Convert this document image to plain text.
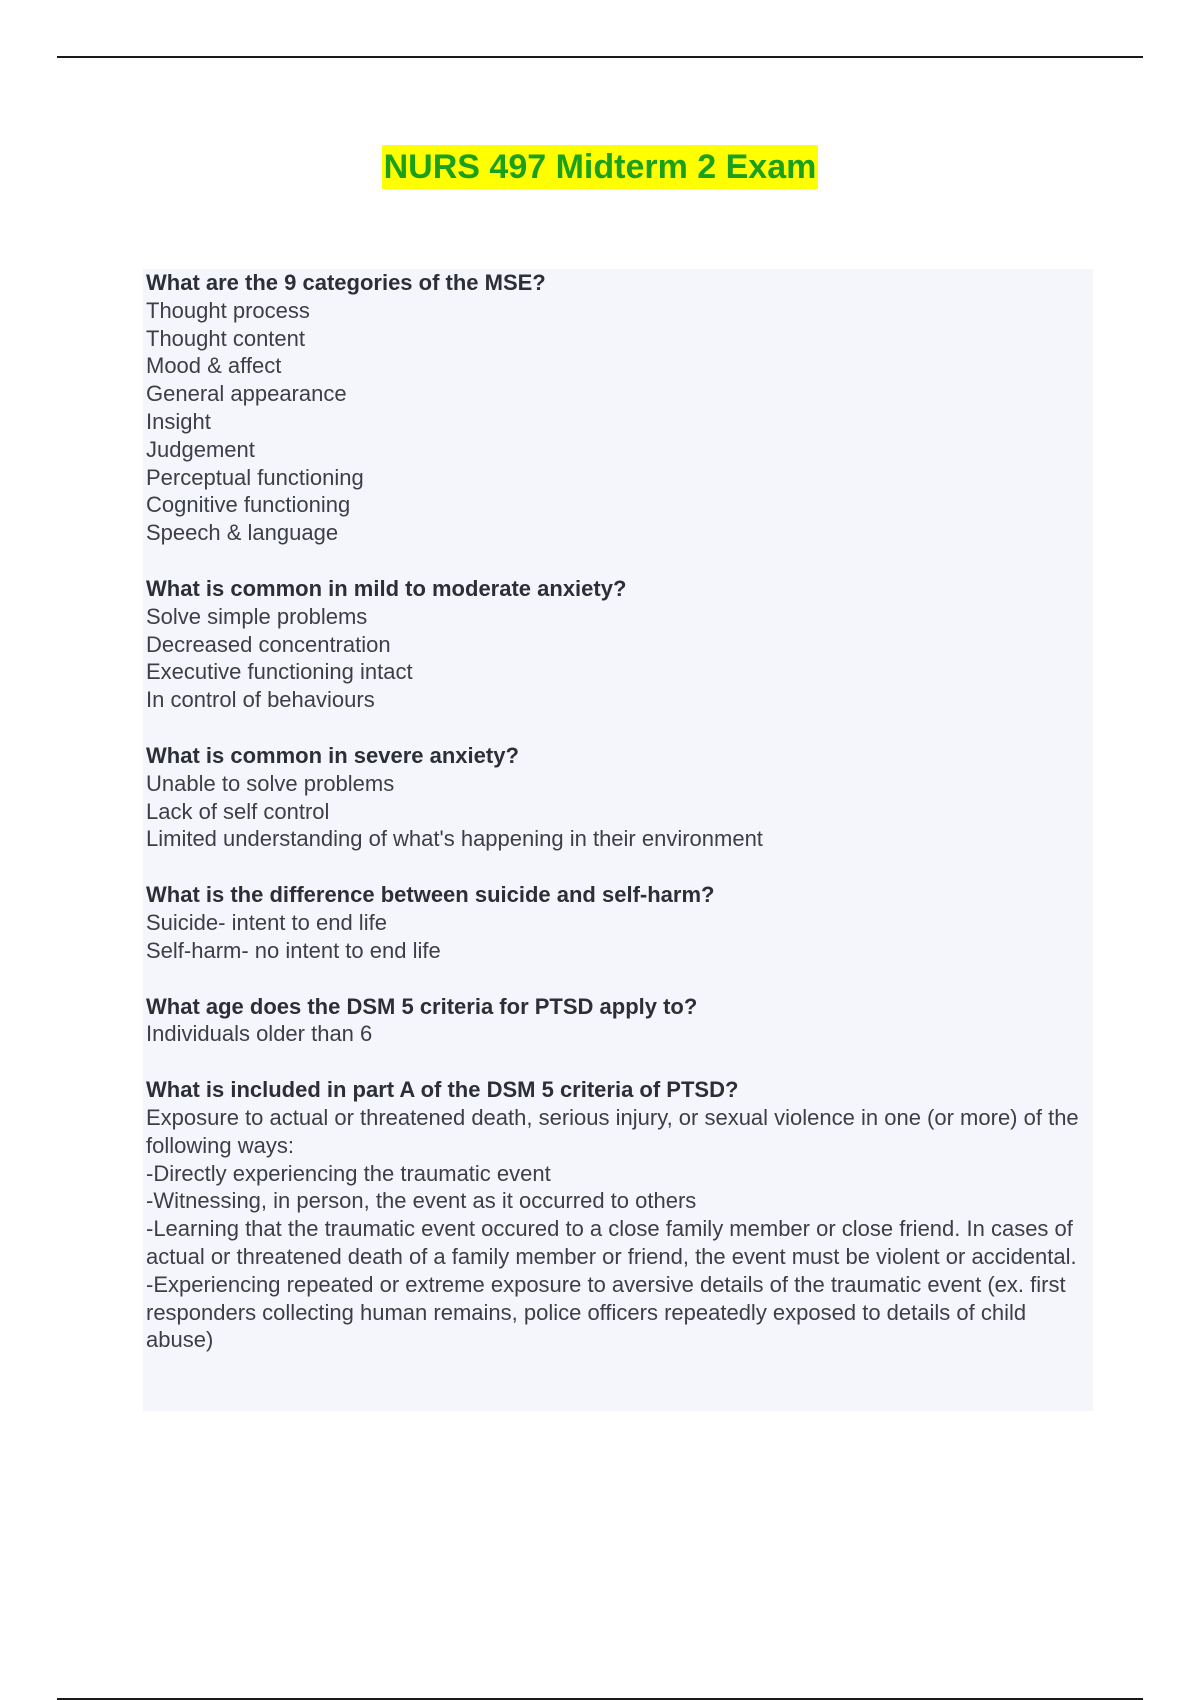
NURS 497 Midterm 2 Exam
What are the 9 categories of the MSE?
Thought process
Thought content
Mood & affect
General appearance
Insight
Judgement
Perceptual functioning
Cognitive functioning
Speech & language
What is common in mild to moderate anxiety?
Solve simple problems
Decreased concentration
Executive functioning intact
In control of behaviours
What is common in severe anxiety?
Unable to solve problems
Lack of self control
Limited understanding of what's happening in their environment
What is the difference between suicide and self-harm?
Suicide- intent to end life
Self-harm- no intent to end life
What age does the DSM 5 criteria for PTSD apply to?
Individuals older than 6
What is included in part A of the DSM 5 criteria of PTSD?
Exposure to actual or threatened death, serious injury, or sexual violence in one (or more) of the following ways:
-Directly experiencing the traumatic event
-Witnessing, in person, the event as it occurred to others
-Learning that the traumatic event occured to a close family member or close friend. In cases of actual or threatened death of a family member or friend, the event must be violent or accidental.
-Experiencing repeated or extreme exposure to aversive details of the traumatic event (ex. first responders collecting human remains, police officers repeatedly exposed to details of child abuse)
